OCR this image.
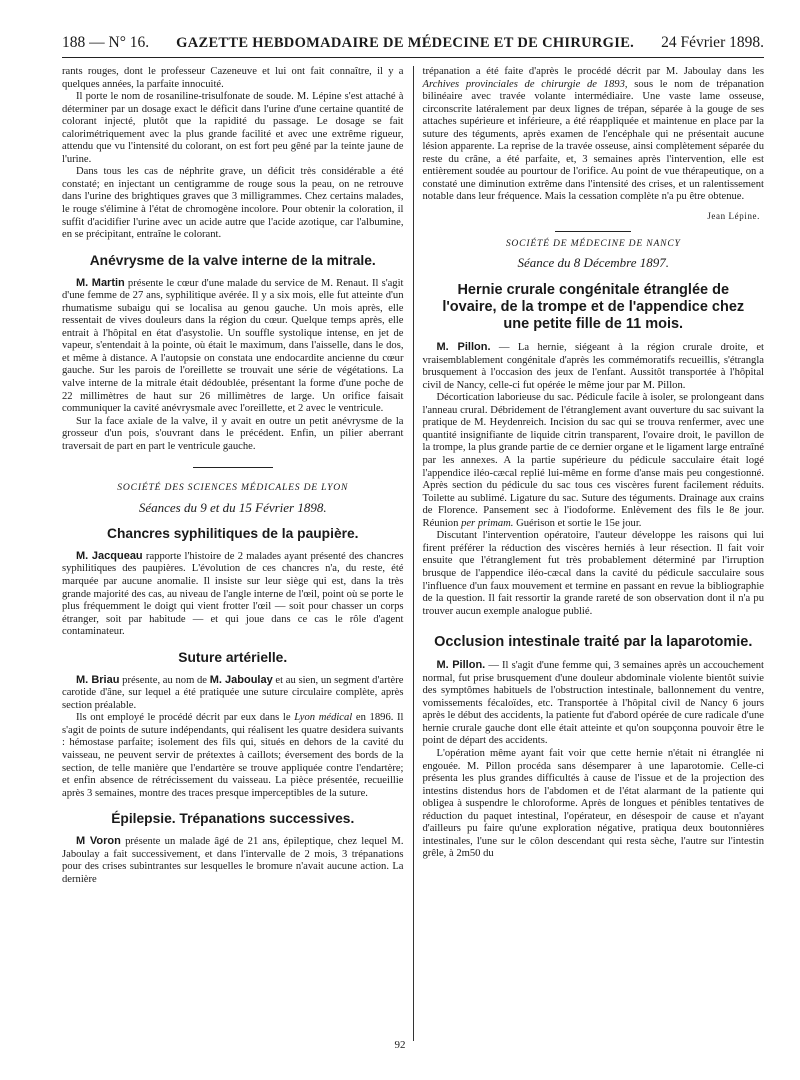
188 — N° 16. GAZETTE HEBDOMADAIRE DE MÉDECINE ET DE CHIRURGIE. 24 Février 1898.

rants rouges, dont le professeur Cazeneuve et lui ont fait connaître, il y a quelques années, la parfaite innocuité.

Il porte le nom de rosaniline-trisulfonate de soude. M. Lépine s'est attaché à déterminer par un dosage exact le déficit dans l'urine d'une certaine quantité de colorant injecté, plutôt que la rapidité du passage. Le dosage se fait calorimétriquement avec la plus grande facilité et avec une extrême rigueur, attendu que vu l'intensité du colorant, on est fort peu gêné par la teinte jaune de l'urine.

Dans tous les cas de néphrite grave, un déficit très considérable a été constaté; en injectant un centigramme de rouge sous la peau, on ne retrouve dans l'urine des brightiques graves que 3 milligrammes. Chez certains malades, le rouge s'élimine à l'état de chromogène incolore. Pour obtenir la coloration, il suffit d'acidifier l'urine avec un acide autre que l'acide azotique, car l'albumine, en se précipitant, entraîne le colorant.

Anévrysme de la valve interne de la mitrale.

M. Martin présente le cœur d'une malade du service de M. Renaut. Il s'agit d'une femme de 27 ans, syphilitique avérée. Il y a six mois, elle fut atteinte d'un rhumatisme subaigu qui se localisa au genou gauche. Un mois après, elle ressentait de vives douleurs dans la région du cœur. Quelque temps après, elle entrait à l'hôpital en état d'asystolie. Un souffle systolique intense, en jet de vapeur, s'entendait à la pointe, où était le maximum, dans l'aisselle, dans le dos, et même à distance. A l'autopsie on constata une endocardite ancienne du cœur gauche. Sur les parois de l'oreillette se trouvait une série de végétations. La valve interne de la mitrale était dédoublée, présentant la forme d'une poche de 22 millimètres de haut sur 26 millimètres de large. Un orifice faisait communiquer la cavité anévrysmale avec l'oreillette, et 2 avec le ventricule.

Sur la face axiale de la valve, il y avait en outre un petit anévrysme de la grosseur d'un pois, s'ouvrant dans le précédent. Enfin, un pilier aberrant traversait de part en part le ventricule gauche.

SOCIÉTÉ DES SCIENCES MÉDICALES DE LYON
Séances du 9 et du 15 Février 1898.
Chancres syphilitiques de la paupière.

M. Jacqueau rapporte l'histoire de 2 malades ayant présenté des chancres syphilitiques des paupières. L'évolution de ces chancres n'a, du reste, été marquée par aucune anomalie. Il insiste sur leur siège qui est, dans la très grande majorité des cas, au niveau de l'angle interne de l'œil, point où se porte le plus fréquemment le doigt qui vient frotter l'œil — soit pour chasser un corps étranger, soit par habitude — et qui joue dans ce cas le rôle d'agent contaminateur.

Suture artérielle.

M. Briau présente, au nom de M. Jaboulay et au sien, un segment d'artère carotide d'âne, sur lequel a été pratiquée une suture circulaire complète, après section préalable.

Ils ont employé le procédé décrit par eux dans le Lyon médical en 1896. Il s'agit de points de suture indépendants, qui réalisent les quatre desidera suivants : hémostase parfaite; isolement des fils qui, situés en dehors de la cavité du vaisseau, ne peuvent servir de prétextes à caillots; éversement des bords de la section, de telle manière que l'endartère se trouve appliquée contre l'endartère; et enfin absence de rétrécissement du vaisseau. La pièce présentée, recueillie après 3 semaines, montre des traces presque imperceptibles de la suture.

Épilepsie. Trépanations successives.

M Voron présente un malade âgé de 21 ans, épileptique, chez lequel M. Jaboulay a fait successivement, et dans l'intervalle de 2 mois, 3 trépanations pour des crises subintrantes sur lesquelles le bromure n'avait aucune action. La dernière

trépanation a été faite d'après le procédé décrit par M. Jaboulay dans les Archives provinciales de chirurgie de 1893, sous le nom de trépanation bilinéaire avec travée volante intermédiaire. Une vaste lame osseuse, circonscrite latéralement par deux lignes de trépan, séparée à la gouge de ses attaches supérieure et inférieure, a été réappliquée et maintenue en place par la suture des téguments, après examen de l'encéphale qui ne présentait aucune lésion apparente. La reprise de la travée osseuse, ainsi complètement séparée du reste du crâne, a été parfaite, et, 3 semaines après l'intervention, elle est entièrement soudée au pourtour de l'orifice. Au point de vue thérapeutique, on a constaté une diminution extrême dans l'intensité des crises, et un ralentissement notable dans leur fréquence. Mais la cessation complète n'a pu être obtenue.

Jean Lépine.
SOCIÉTÉ DE MÉDECINE DE NANCY
Séance du 8 Décembre 1897.
Hernie crurale congénitale étranglée de l'ovaire, de la trompe et de l'appendice chez une petite fille de 11 mois.

M. Pillon. — La hernie, siégeant à la région crurale droite, et vraisemblablement congénitale d'après les commémoratifs recueillis, s'étrangla brusquement à l'occasion des jeux de l'enfant. Aussitôt transportée à l'hôpital civil de Nancy, celle-ci fut opérée le même jour par M. Pillon.

Décortication laborieuse du sac. Pédicule facile à isoler, se prolongeant dans l'anneau crural. Débridement de l'étranglement avant ouverture du sac suivant la pratique de M. Heydenreich. Incision du sac qui se trouva renfermer, avec une quantité insignifiante de liquide citrin transparent, l'ovaire droit, le pavillon de la trompe, la plus grande partie de ce dernier organe et le ligament large entraîné par les annexes. A la partie supérieure du pédicule sacculaire était logé l'appendice iléo-cæcal replié lui-même en forme d'anse mais peu congestionné. Après section du pédicule du sac tous ces viscères furent facilement réduits. Toilette au sublimé. Ligature du sac. Suture des téguments. Drainage aux crains de Florence. Pansement sec à l'iodoforme. Enlèvement des fils le 8e jour. Réunion per primam. Guérison et sortie le 15e jour.

Discutant l'intervention opératoire, l'auteur développe les raisons qui lui firent préférer la réduction des viscères herniés à leur résection. Il fait voir ensuite que l'étranglement fut très probablement déterminé par l'irruption brusque de l'appendice iléo-cæcal dans la cavité du pédicule sacculaire sous l'influence d'un faux mouvement et termine en passant en revue la bibliographie de la question. Il fait ressortir la grande rareté de son observation dont il n'a pu trouver aucun exemple analogue publié.

Occlusion intestinale traité par la laparotomie.

M. Pillon. — Il s'agit d'une femme qui, 3 semaines après un accouchement normal, fut prise brusquement d'une douleur abdominale violente bientôt suivie des symptômes habituels de l'obstruction intestinale, ballonnement du ventre, vomissements fécaloïdes, etc. Transportée à l'hôpital civil de Nancy 6 jours après le début des accidents, la patiente fut d'abord opérée de cure radicale d'une hernie crurale gauche dont elle était atteinte et qu'on soupçonna pouvoir être le point de départ des accidents.

L'opération même ayant fait voir que cette hernie n'était ni étranglée ni engouée. M. Pillon procéda sans désemparer à une laparotomie. Celle-ci présenta les plus grandes difficultés à cause de l'issue et de la projection des intestins distendus hors de l'abdomen et de l'état alarmant de la patiente qui obligea à suspendre le chloroforme. Après de longues et pénibles tentatives de réduction du paquet intestinal, l'opérateur, en désespoir de cause et n'ayant d'ailleurs pu faire qu'une exploration négative, pratiqua deux boutonnières intestinales, l'une sur le côlon descendant qui resta sèche, l'autre sur l'intestin grêle, à 2m50 du

92
